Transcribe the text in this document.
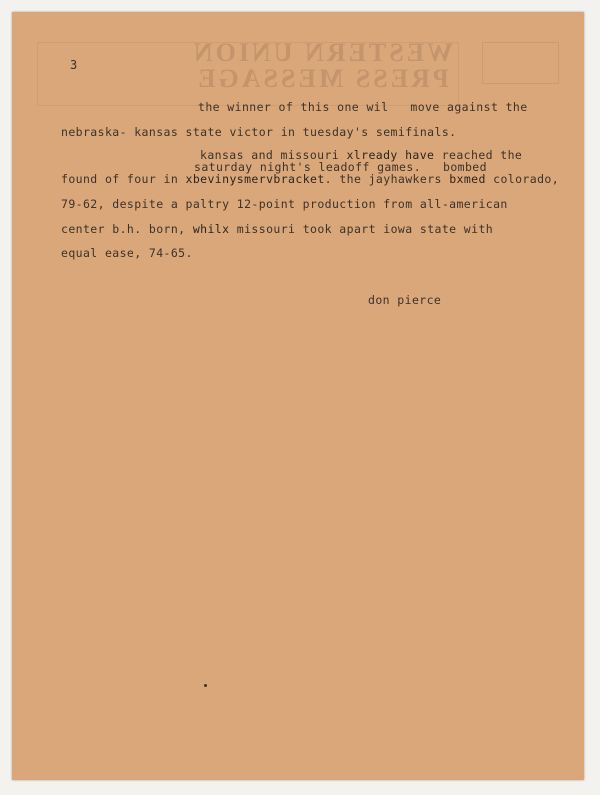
WESTERN UNION
PRESS MESSAGE
3
the winner of this one wil   move against the
nebraska- kansas state victor in tuesday's semifinals.
kansas and missouri xlready have reached the
saturday night's leadoff games. bombed
found of four in xbevinysmervbracket. the jayhawkers bxmed colorado,
79-62, despite a paltry 12-point production from all-american
center b.h. born, whilx missouri took apart iowa state with
equal ease, 74-65.
don pierce
